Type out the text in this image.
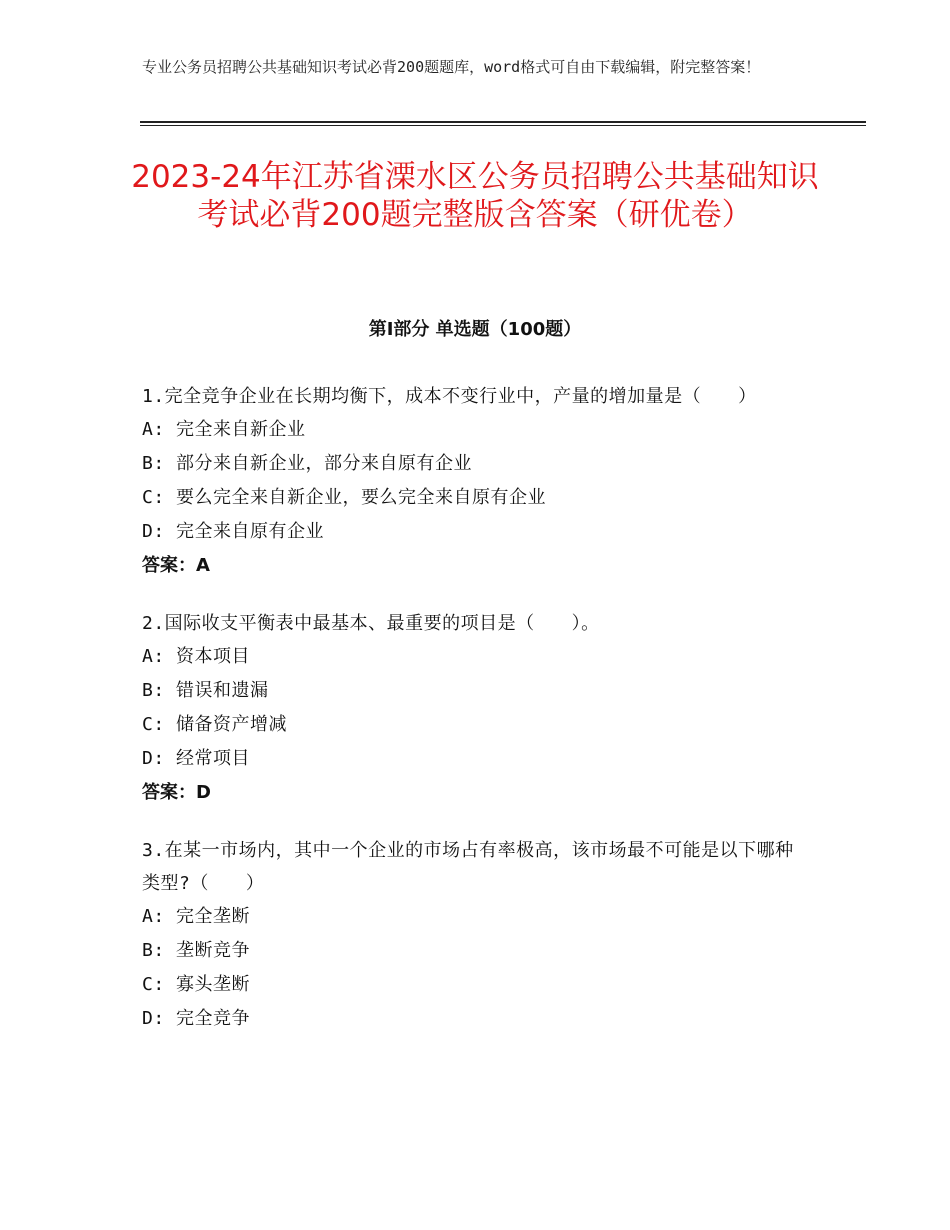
专业公务员招聘公共基础知识考试必背200题题库，word格式可自由下载编辑，附完整答案！
2023-24年江苏省溧水区公务员招聘公共基础知识考试必背200题完整版含答案（研优卷）
第Ⅰ部分 单选题（100题）
1.完全竞争企业在长期均衡下，成本不变行业中，产量的增加量是（　　）
A: 完全来自新企业
B: 部分来自新企业，部分来自原有企业
C: 要么完全来自新企业，要么完全来自原有企业
D: 完全来自原有企业
答案：A
2.国际收支平衡表中最基本、最重要的项目是（　　）。
A: 资本项目
B: 错误和遗漏
C: 储备资产增减
D: 经常项目
答案：D
3.在某一市场内，其中一个企业的市场占有率极高，该市场最不可能是以下哪种类型?（　　）
A: 完全垄断
B: 垄断竞争
C: 寡头垄断
D: 完全竞争
